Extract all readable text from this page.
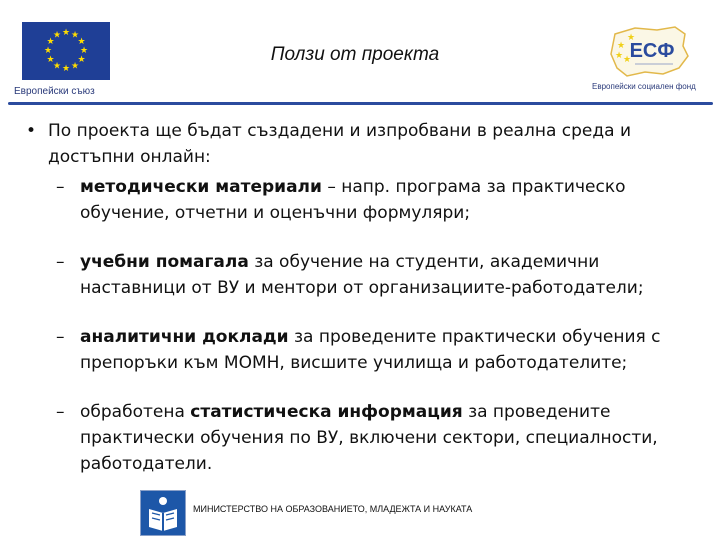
★ ★
★
★
★
★
★
★
★
★
★
★
Европейски съюз
Ползи от проекта	★
★
★
★
ЕСФ
Европейски социален фонд
• По проекта ще бъдат създадени и изпробвани в реална среда и достъпни онлайн:
– методически материали – напр. програма за практическо обучение, отчетни и оценъчни формуляри;
– учебни помагала за обучение на студенти, академични наставници от ВУ и ментори от организациите-работодатели;
– аналитични доклади за проведените практически обучения с препоръки към МОМН, висшите училища и работодателите;
– обработена статистическа информация за проведените практически обучения по ВУ, включени сектори, специалности, работодатели.
МИНИСТЕРСТВО НА ОБРАЗОВАНИЕТО, МЛАДЕЖТА И НАУКАТА
